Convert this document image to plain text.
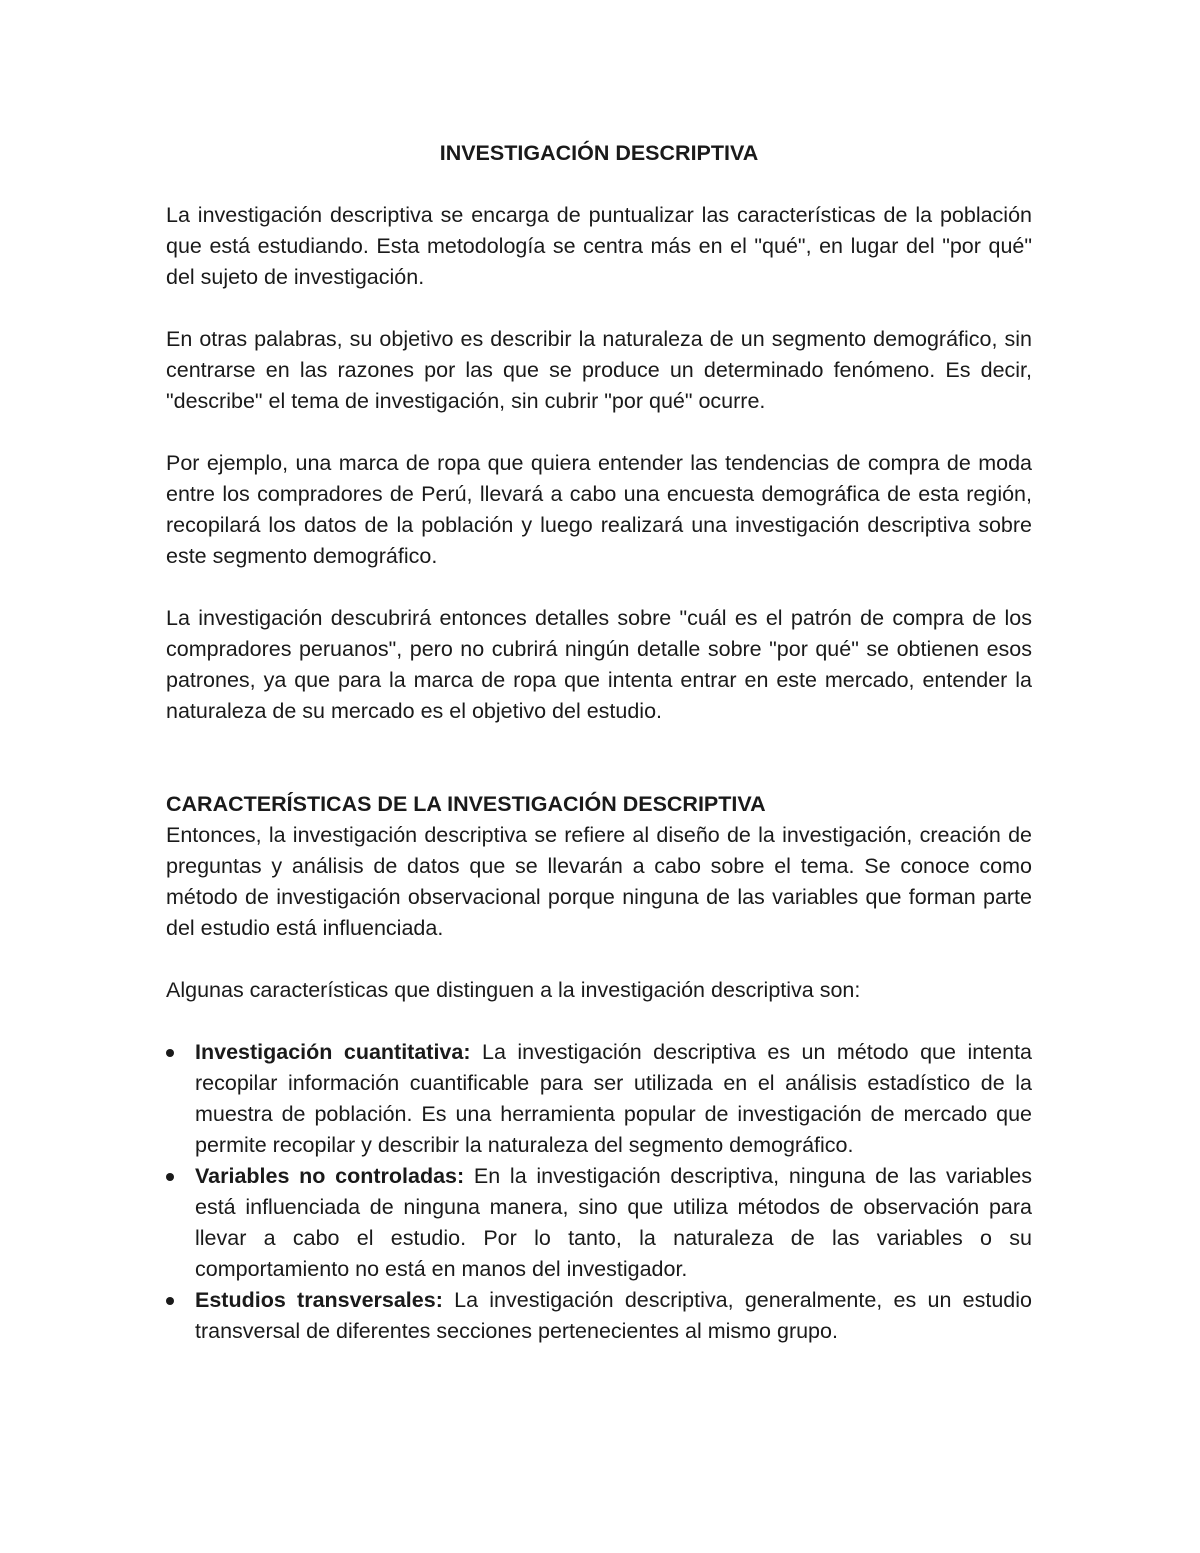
INVESTIGACIÓN DESCRIPTIVA

La investigación descriptiva se encarga de puntualizar las características de la población que está estudiando. Esta metodología se centra más en el "qué", en lugar del "por qué" del sujeto de investigación.

En otras palabras, su objetivo es describir la naturaleza de un segmento demográfico, sin centrarse en las razones por las que se produce un determinado fenómeno. Es decir, "describe" el tema de investigación, sin cubrir "por qué" ocurre.

Por ejemplo, una marca de ropa que quiera entender las tendencias de compra de moda entre los compradores de Perú, llevará a cabo una encuesta demográfica de esta región, recopilará los datos de la población y luego realizará una investigación descriptiva sobre este segmento demográfico.

La investigación descubrirá entonces detalles sobre "cuál es el patrón de compra de los compradores peruanos", pero no cubrirá ningún detalle sobre "por qué" se obtienen esos patrones, ya que para la marca de ropa que intenta entrar en este mercado, entender la naturaleza de su mercado es el objetivo del estudio.

CARACTERÍSTICAS DE LA INVESTIGACIÓN DESCRIPTIVA

Entonces, la investigación descriptiva se refiere al diseño de la investigación, creación de preguntas y análisis de datos que se llevarán a cabo sobre el tema. Se conoce como método de investigación observacional porque ninguna de las variables que forman parte del estudio está influenciada.

Algunas características que distinguen a la investigación descriptiva son:

Investigación cuantitativa: La investigación descriptiva es un método que intenta recopilar información cuantificable para ser utilizada en el análisis estadístico de la muestra de población. Es una herramienta popular de investigación de mercado que permite recopilar y describir la naturaleza del segmento demográfico.
Variables no controladas: En la investigación descriptiva, ninguna de las variables está influenciada de ninguna manera, sino que utiliza métodos de observación para llevar a cabo el estudio. Por lo tanto, la naturaleza de las variables o su comportamiento no está en manos del investigador.
Estudios transversales: La investigación descriptiva, generalmente, es un estudio transversal de diferentes secciones pertenecientes al mismo grupo.
